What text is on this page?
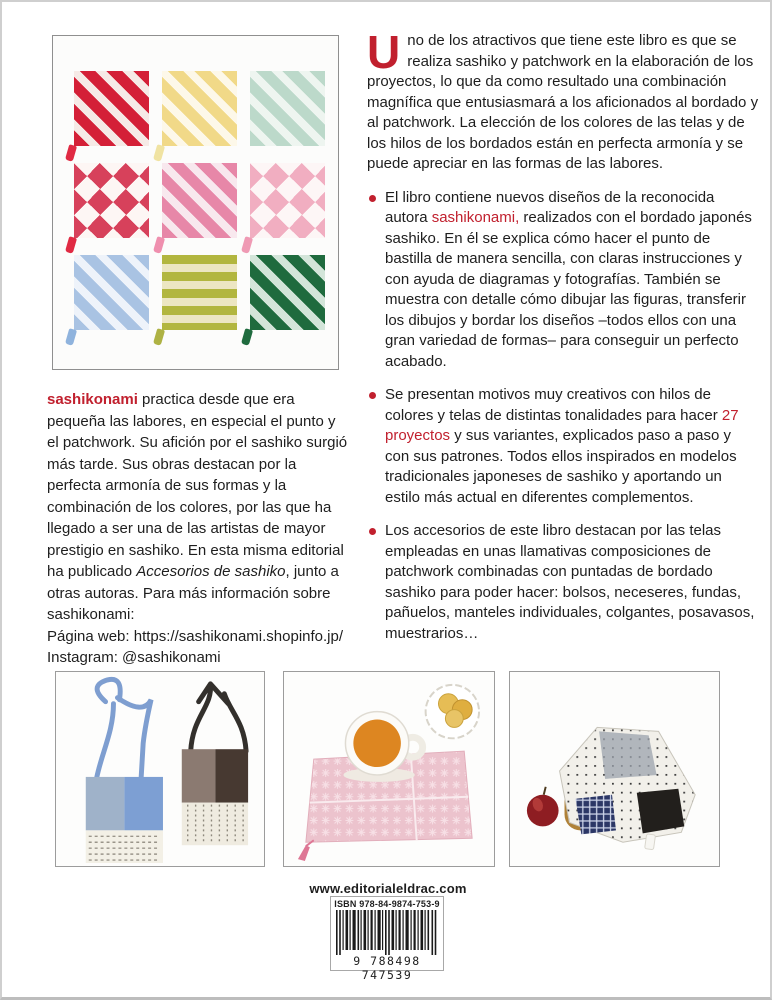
sashikonami practica desde que era pequeña las labores, en especial el punto y el patchwork. Su afición por el sashiko surgió más tarde. Sus obras destacan por la perfecta armonía de sus formas y la combinación de los colores, por las que ha llegado a ser una de las artistas de mayor prestigio en sashiko. En esta misma editorial ha publicado Accesorios de sashiko, junto a otras autoras. Para más información sobre sashikonami:

Página web: https://sashikonami.shopinfo.jp/
Instagram: @sashikonami

Uno de los atractivos que tiene este libro es que se realiza sashiko y patchwork en la elaboración de los proyectos, lo que da como resultado una combinación magnífica que entusiasmará a los aficionados al bordado y al patchwork. La elección de los colores de las telas y de los hilos de los bordados están en perfecta armonía y se puede apreciar en las formas de las labores.

El libro contiene nuevos diseños de la reconocida autora sashikonami, realizados con el bordado japonés sashiko. En él se explica cómo hacer el punto de bastilla de manera sencilla, con claras instrucciones y con ayuda de diagramas y fotografías. También se muestra con detalle cómo dibujar las figuras, transferir los dibujos y bordar los diseños –todos ellos con una gran variedad de formas– para conseguir un perfecto acabado.

Se presentan motivos muy creativos con hilos de colores y telas de distintas tonalidades para hacer 27 proyectos y sus variantes, explicados paso a paso y con sus patrones. Todos ellos inspirados en modelos tradicionales japoneses de sashiko y aportando un estilo más actual en diferentes complementos.

Los accesorios de este libro destacan por las telas empleadas en unas llamativas composiciones de patchwork combinadas con puntadas de bordado sashiko para poder hacer: bolsos, neceseres, fundas, pañuelos, manteles individuales, colgantes, posavasos, muestrarios…

www.editorialeldrac.com
ISBN 978-84-9874-753-9
9 788498 747539
